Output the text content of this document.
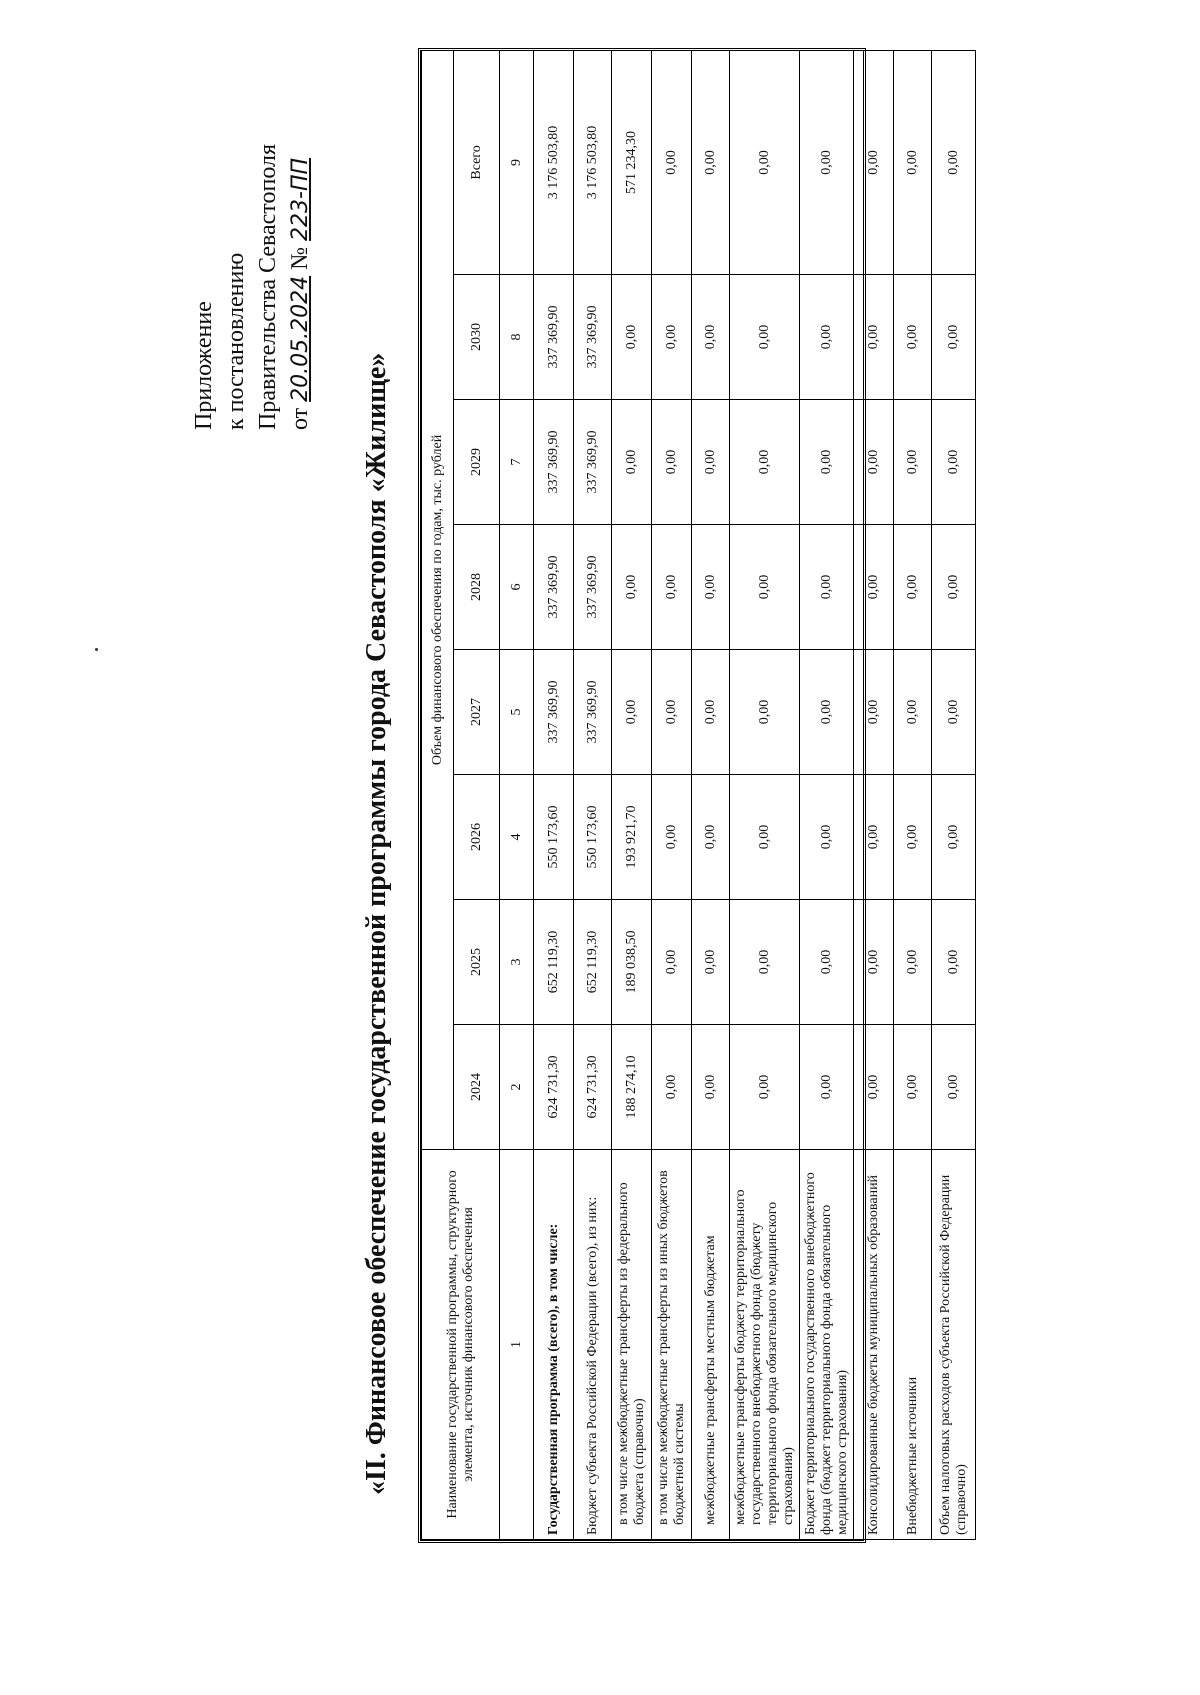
Приложение к постановлению Правительства Севастополя от 20.05.2024 № 223-ПП
«II. Финансовое обеспечение государственной программы города Севастополя «Жилище»	Наименование государственной программы, структурного элемента, источник финансового обеспечения	Объем финансового обеспечения по годам, тыс. рублей							
	2024	2025	2026	2027	2028	2029	2030	Всего
1	2	3	4	5	6	7	8	9
Государственная программа (всего), в том числе:	624 731,30	652 119,30	550 173,60	337 369,90	337 369,90	337 369,90	337 369,90	3 176 503,80
Бюджет субъекта Российской Федерации (всего), из них:	624 731,30	652 119,30	550 173,60	337 369,90	337 369,90	337 369,90	337 369,90	3 176 503,80
в том числе межбюджетные трансферты из федерального бюджета (справочно)	188 274,10	189 038,50	193 921,70	0,00	0,00	0,00	0,00	571 234,30
в том числе межбюджетные трансферты из иных бюджетов бюджетной системы	0,00	0,00	0,00	0,00	0,00	0,00	0,00	0,00
межбюджетные трансферты местным бюджетам	0,00	0,00	0,00	0,00	0,00	0,00	0,00	0,00
межбюджетные трансферты бюджету территориального государственного внебюджетного фонда (бюджету территориального фонда обязательного медицинского страхования)	0,00	0,00	0,00	0,00	0,00	0,00	0,00	0,00
Бюджет территориального государственного внебюджетного фонда (бюджет территориального фонда обязательного медицинского страхования)	0,00	0,00	0,00	0,00	0,00	0,00	0,00	0,00
Консолидированные бюджеты муниципальных образований	0,00	0,00	0,00	0,00	0,00	0,00	0,00	0,00
Внебюджетные источники	0,00	0,00	0,00	0,00	0,00	0,00	0,00	0,00
Объем налоговых расходов субъекта Российской Федерации (справочно)	0,00	0,00	0,00	0,00	0,00	0,00	0,00	0,00
